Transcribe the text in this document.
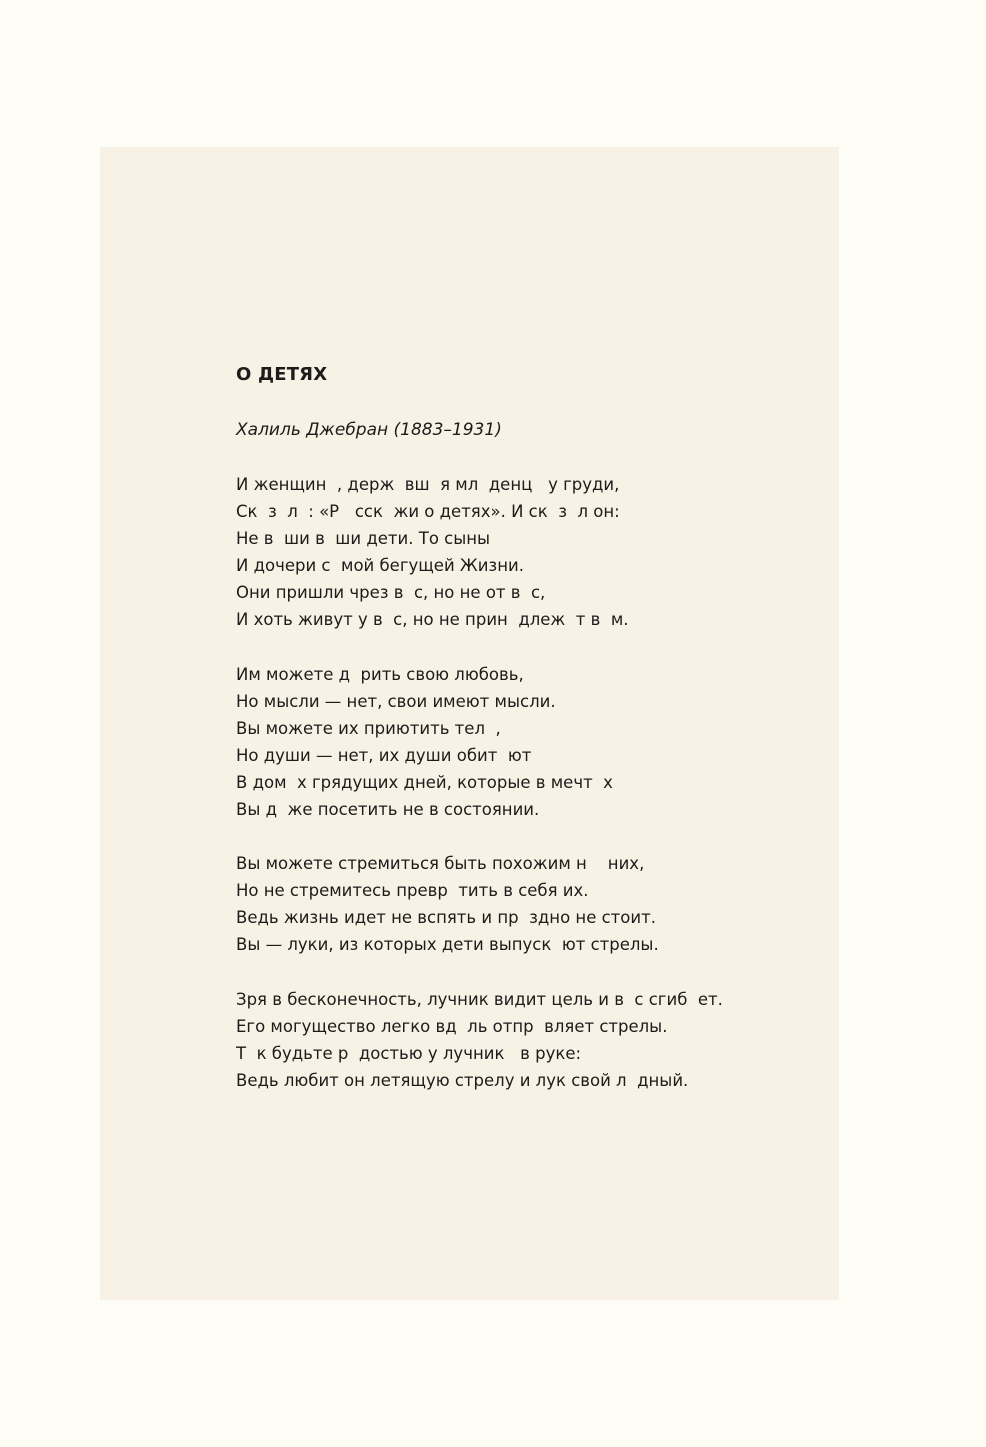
О ДЕТЯХ
Халиль Джебран (1883–1931)
И женщин  , держ  вш  я мл  денц   у груди,
Ск  з  л  : «Р   сск  жи о детях». И ск  з  л он:
Не в  ши в  ши дети. То сыны
И дочери с  мой бегущей Жизни.
Они пришли чрез в  с, но не от в  с,
И хоть живут у в  с, но не прин  длеж  т в  м.
Им можете д  рить свою любовь,
Но мысли — нет, свои имеют мысли.
Вы можете их приютить тел  ,
Но души — нет, их души обит  ют
В дом  х грядущих дней, которые в мечт  х
Вы д  же посетить не в состоянии.
Вы можете стремиться быть похожим н    них,
Но не стремитесь превр  тить в себя их.
Ведь жизнь идет не вспять и пр  здно не стоит.
Вы — луки, из которых дети выпуск  ют стрелы.
Зря в бесконечность, лучник видит цель и в  с сгиб  ет.
Его могущество легко вд  ль отпр  вляет стрелы.
Т  к будьте р  достью у лучник   в руке:
Ведь любит он летящую стрелу и лук свой л  дный.
